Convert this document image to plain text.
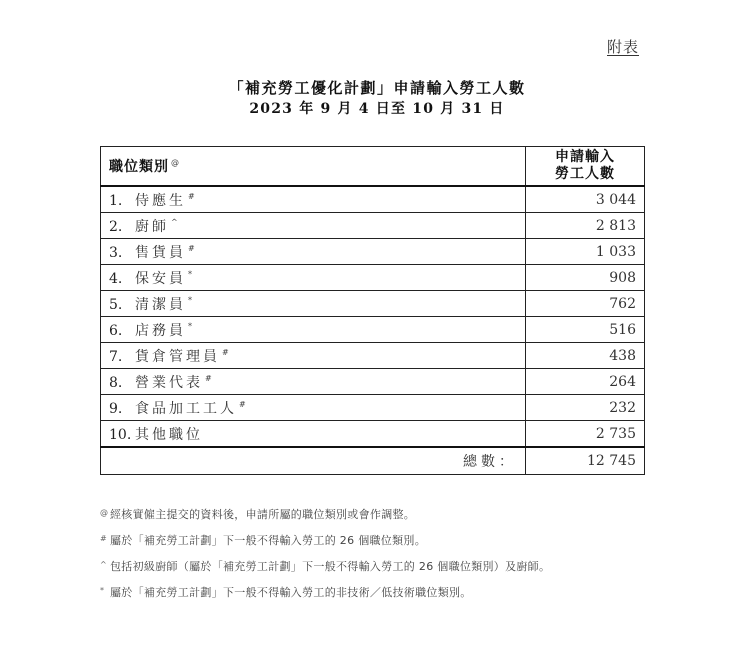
附表
「補充勞工優化計劃」申請輸入勞工人數
2023 年 9 月 4 日至 10 月 31 日
職位類別 @	申請輸入
勞工人數

1. 侍應生 #	3 044
2. 廚師 ^	2 813
3. 售貨員 #	1 033
4. 保安員 *	908
5. 清潔員 *	762
6. 店務員 *	516
7. 貨倉管理員 #	438
8. 營業代表 #	264
9. 食品加工工人 #	232
10. 其他職位	2 735
總數：	12 745
@ 經核實僱主提交的資料後，申請所屬的職位類別或會作調整。
# 屬於「補充勞工計劃」下一般不得輸入勞工的 26 個職位類別。
^ 包括初級廚師（屬於「補充勞工計劃」下一般不得輸入勞工的 26 個職位類別）及廚師。
* 屬於「補充勞工計劃」下一般不得輸入勞工的非技術／低技術職位類別。
